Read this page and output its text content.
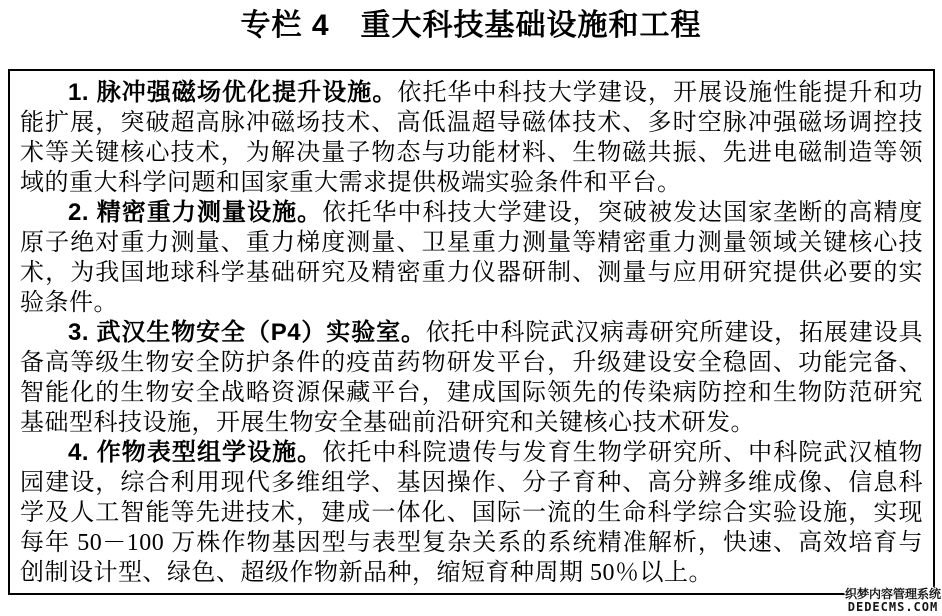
专栏 4　重大科技基础设施和工程

1. 脉冲强磁场优化提升设施。依托华中科技大学建设，开展设施性能提升和功能扩展，突破超高脉冲磁场技术、高低温超导磁体技术、多时空脉冲强磁场调控技术等关键核心技术，为解决量子物态与功能材料、生物磁共振、先进电磁制造等领域的重大科学问题和国家重大需求提供极端实验条件和平台。

2. 精密重力测量设施。依托华中科技大学建设，突破被发达国家垄断的高精度原子绝对重力测量、重力梯度测量、卫星重力测量等精密重力测量领域关键核心技术，为我国地球科学基础研究及精密重力仪器研制、测量与应用研究提供必要的实验条件。

3. 武汉生物安全（P4）实验室。依托中科院武汉病毒研究所建设，拓展建设具备高等级生物安全防护条件的疫苗药物研发平台，升级建设安全稳固、功能完备、智能化的生物安全战略资源保藏平台，建成国际领先的传染病防控和生物防范研究基础型科技设施，开展生物安全基础前沿研究和关键核心技术研发。

4. 作物表型组学设施。依托中科院遗传与发育生物学研究所、中科院武汉植物园建设，综合利用现代多维组学、基因操作、分子育种、高分辨多维成像、信息科学及人工智能等先进技术，建成一体化、国际一流的生命科学综合实验设施，实现每年 50－100 万株作物基因型与表型复杂关系的系统精准解析，快速、高效培育与创制设计型、绿色、超级作物新品种，缩短育种周期 50％以上。

织梦内容管理系统
DEDECMS.COM
